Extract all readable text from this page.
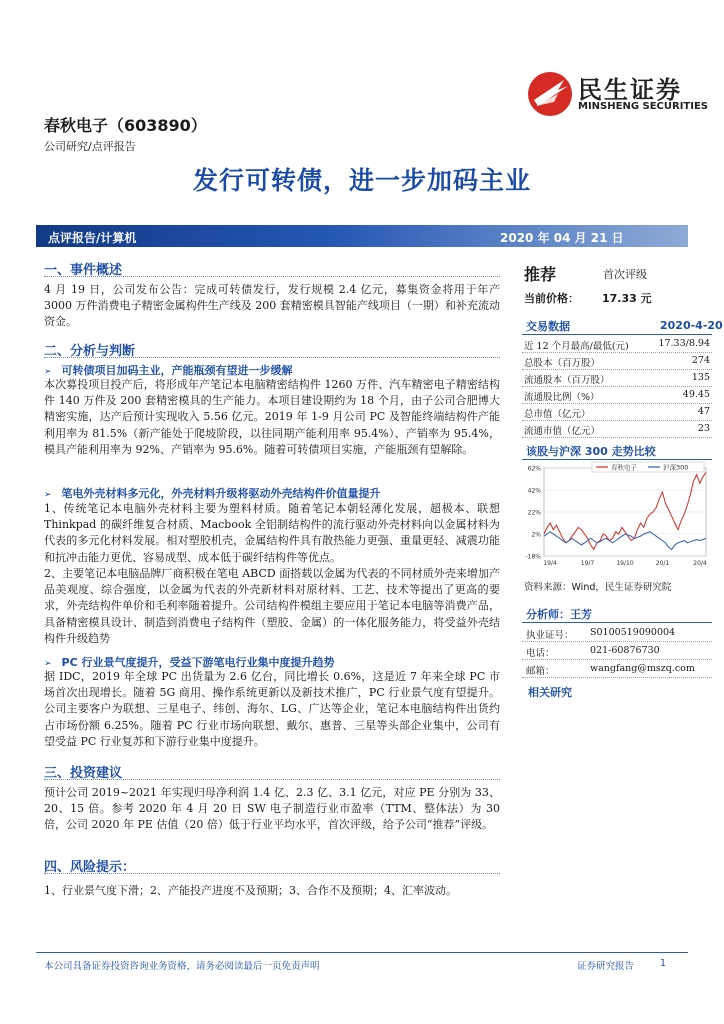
民生证券
MINSHENG SECURITIES
春秋电子（603890）
公司研究/点评报告
发行可转债，进一步加码主业
点评报告/计算机	2020 年 04 月 21 日
一、事件概述
4 月 19 日，公司发布公告：完成可转债发行，发行规模 2.4 亿元，募集资金将用于年产 3000 万件消费电子精密金属构件生产线及 200 套精密模具智能产线项目（一期）和补充流动资金。
二、分析与判断
➢ 可转债项目加码主业，产能瓶颈有望进一步缓解
本次募投项目投产后，将形成年产笔记本电脑精密结构件 1260 万件、汽车精密电子精密结构件 140 万件及 200 套精密模具的生产能力。本项目建设期约为 18 个月，由子公司合肥博大精密实施，达产后预计实现收入 5.56 亿元。2019 年 1-9 月公司 PC 及智能终端结构件产能利用率为 81.5%（新产能处于爬坡阶段，以往同期产能利用率 95.4%）、产销率为 95.4%，模具产能利用率为 92%、产销率为 95.6%。随着可转债项目实施，产能瓶颈有望解除。
➢ 笔电外壳材料多元化，外壳材料升级将驱动外壳结构件价值量提升
1、传统笔记本电脑外壳材料主要为塑料材质。随着笔记本朝轻薄化发展，超极本、联想 Thinkpad 的碳纤维复合材质、Macbook 全铝制结构件的流行驱动外壳材料向以金属材料为代表的多元化材料发展。相对塑胶机壳，金属结构件具有散热能力更强、重量更轻、减震功能和抗冲击能力更优、容易成型、成本低于碳纤结构件等优点。
2、主要笔记本电脑品牌厂商积极在笔电 ABCD 面搭载以金属为代表的不同材质外壳来增加产品美观度、综合强度，以金属为代表的外壳新材料对原材料、工艺、技术等提出了更高的要求，外壳结构件单价和毛利率随着提升。公司结构件模组主要应用于笔记本电脑等消费产品，具备精密模具设计、制造到消费电子结构件（塑胶、金属）的一体化服务能力，将受益外壳结构件升级趋势
➢ PC 行业景气度提升，受益下游笔电行业集中度提升趋势
据 IDC，2019 年全球 PC 出货量为 2.6 亿台，同比增长 0.6%，这是近 7 年来全球 PC 市场首次出现增长。随着 5G 商用、操作系统更新以及新技术推广，PC 行业景气度有望提升。公司主要客户为联想、三星电子、纬创、海尔、LG、广达等企业，笔记本电脑结构件出货约占市场份额 6.25%。随着 PC 行业市场向联想、戴尔、惠普、三星等头部企业集中，公司有望受益 PC 行业复苏和下游行业集中度提升。
三、投资建议
预计公司 2019~2021 年实现归母净利润 1.4 亿、2.3 亿、3.1 亿元，对应 PE 分别为 33、20、15 倍。参考 2020 年 4 月 20 日 SW 电子制造行业市盈率（TTM、整体法）为 30 倍，公司 2020 年 PE 估值（20 倍）低于行业平均水平，首次评级，给予公司“推荐”评级。
四、风险提示：
1、行业景气度下滑；2、产能投产进度不及预期；3、合作不及预期；4、汇率波动。
推荐	首次评级
当前价格： 17.33 元
交易数据	2020-4-20
近 12 个月最高/最低(元)	17.33/8.94
总股本（百万股）	274
流通股本（百万股）	135
流通股比例（%）	49.45
总市值（亿元）	47
流通市值（亿元）	23
该股与沪深 300 走势比较
春秋电子	沪深300
62%
42%
22%
2%
-18%
19/4	19/7	19/10	20/1	20/4
资料来源：Wind，民生证券研究院
分析师：王芳
执业证号： S0100519090004
电话：	021-60876730
邮箱：	wangfang@mszq.com
相关研究
本公司具备证券投资咨询业务资格，请务必阅读最后一页免责声明	证券研究报告	1
